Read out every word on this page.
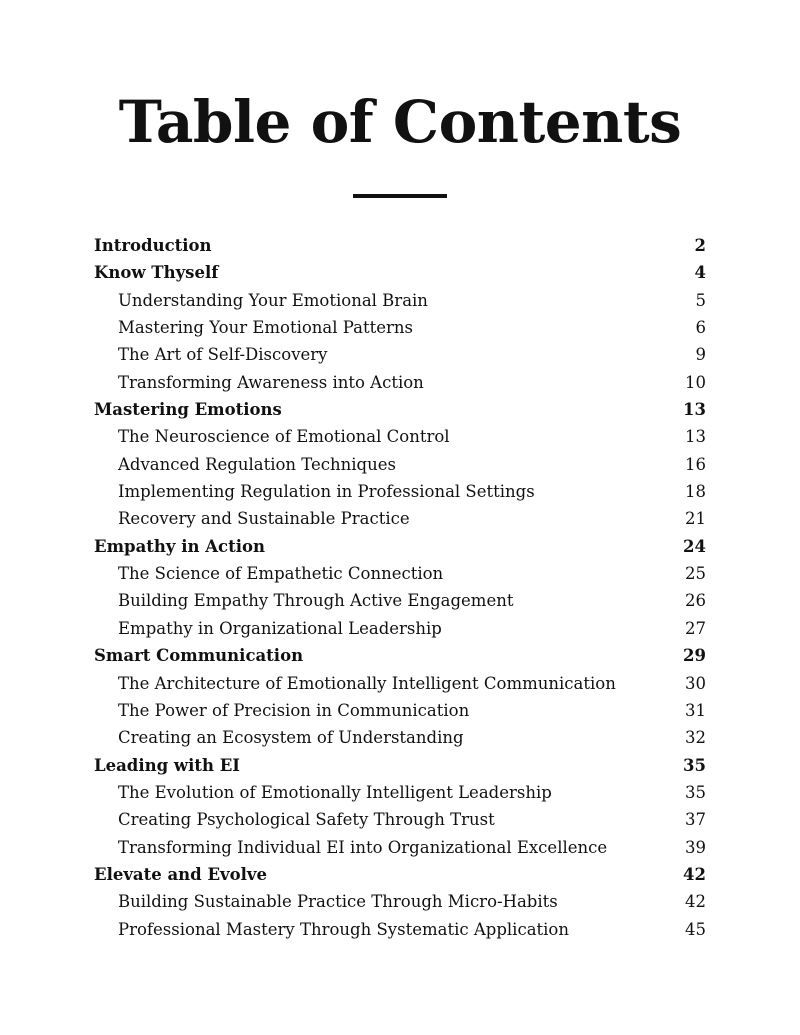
Table of Contents
Introduction	2
Know Thyself	4
Understanding Your Emotional Brain	5
Mastering Your Emotional Patterns	6
The Art of Self-Discovery	9
Transforming Awareness into Action	10
Mastering Emotions	13
The Neuroscience of Emotional Control	13
Advanced Regulation Techniques	16
Implementing Regulation in Professional Settings	18
Recovery and Sustainable Practice	21
Empathy in Action	24
The Science of Empathetic Connection	25
Building Empathy Through Active Engagement	26
Empathy in Organizational Leadership	27
Smart Communication	29
The Architecture of Emotionally Intelligent Communication	30
The Power of Precision in Communication	31
Creating an Ecosystem of Understanding	32
Leading with EI	35
The Evolution of Emotionally Intelligent Leadership	35
Creating Psychological Safety Through Trust	37
Transforming Individual EI into Organizational Excellence	39
Elevate and Evolve	42
Building Sustainable Practice Through Micro-Habits	42
Professional Mastery Through Systematic Application	45
